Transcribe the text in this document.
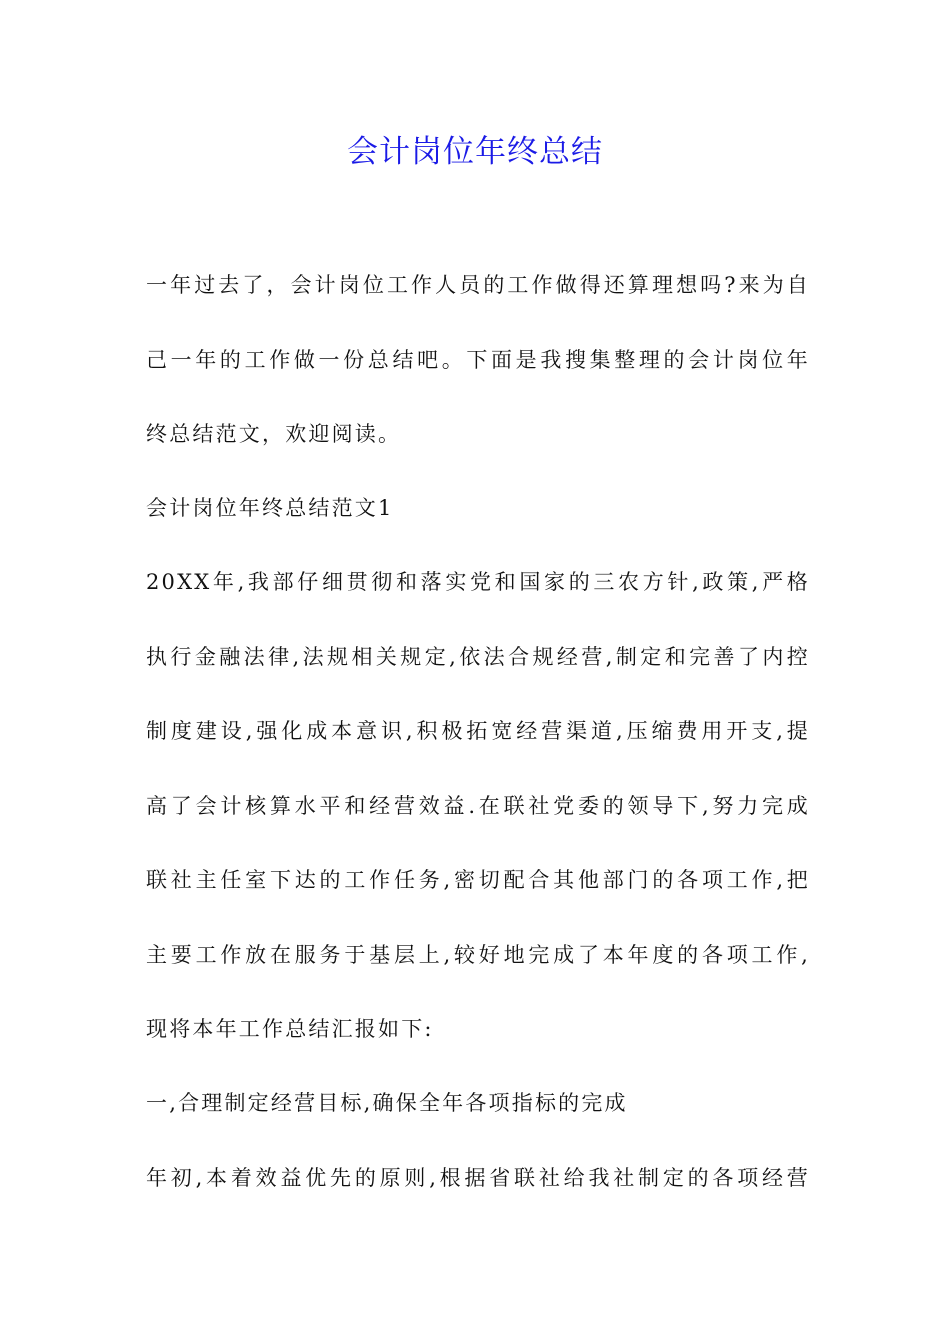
会计岗位年终总结
一年过去了，会计岗位工作人员的工作做得还算理想吗?来为自
己一年的工作做一份总结吧。下面是我搜集整理的会计岗位年
终总结范文，欢迎阅读。
会计岗位年终总结范文1
20XX年,我部仔细贯彻和落实党和国家的三农方针,政策,严格
执行金融法律,法规相关规定,依法合规经营,制定和完善了内控
制度建设,强化成本意识,积极拓宽经营渠道,压缩费用开支,提
高了会计核算水平和经营效益.在联社党委的领导下,努力完成
联社主任室下达的工作任务,密切配合其他部门的各项工作,把
主要工作放在服务于基层上,较好地完成了本年度的各项工作,
现将本年工作总结汇报如下:
一,合理制定经营目标,确保全年各项指标的完成
年初,本着效益优先的原则,根据省联社给我社制定的各项经营
